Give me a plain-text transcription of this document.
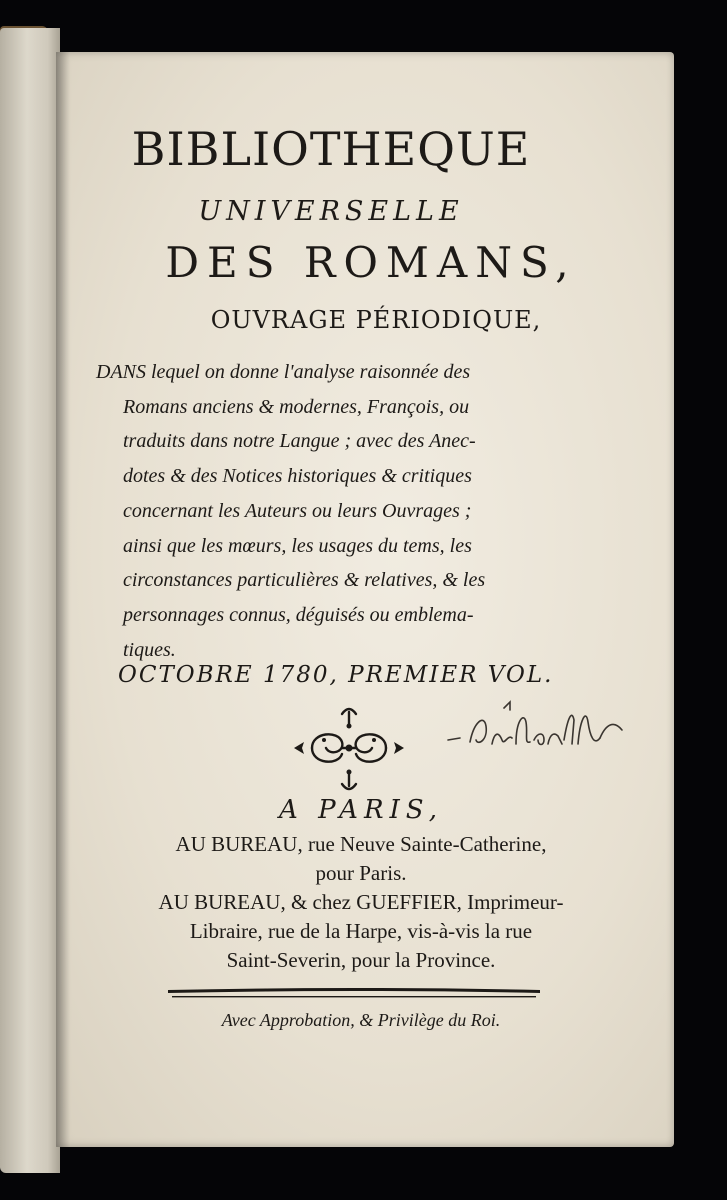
BIBLIOTHEQUE
UNIVERSELLE
DES ROMANS,
OUVRAGE PÉRIODIQUE,
DANS lequel on donne l'analyse raisonnée des
Romans anciens & modernes, François, ou
traduits dans notre Langue ; avec des Anec-
dotes & des Notices historiques & critiques
concernant les Auteurs ou leurs Ouvrages ;
ainsi que les mœurs, les usages du tems, les
circonstances particulières & relatives, & les
personnages connus, déguisés ou emblema-
tiques.
OCTOBRE 1780, PREMIER VOL.
A PARIS,
AU BUREAU, rue Neuve Sainte-Catherine,
pour Paris.
AU BUREAU, & chez GUEFFIER, Imprimeur-
Libraire, rue de la Harpe, vis-à-vis la rue
Saint-Severin, pour la Province.
Avec Approbation, & Privilège du Roi.
